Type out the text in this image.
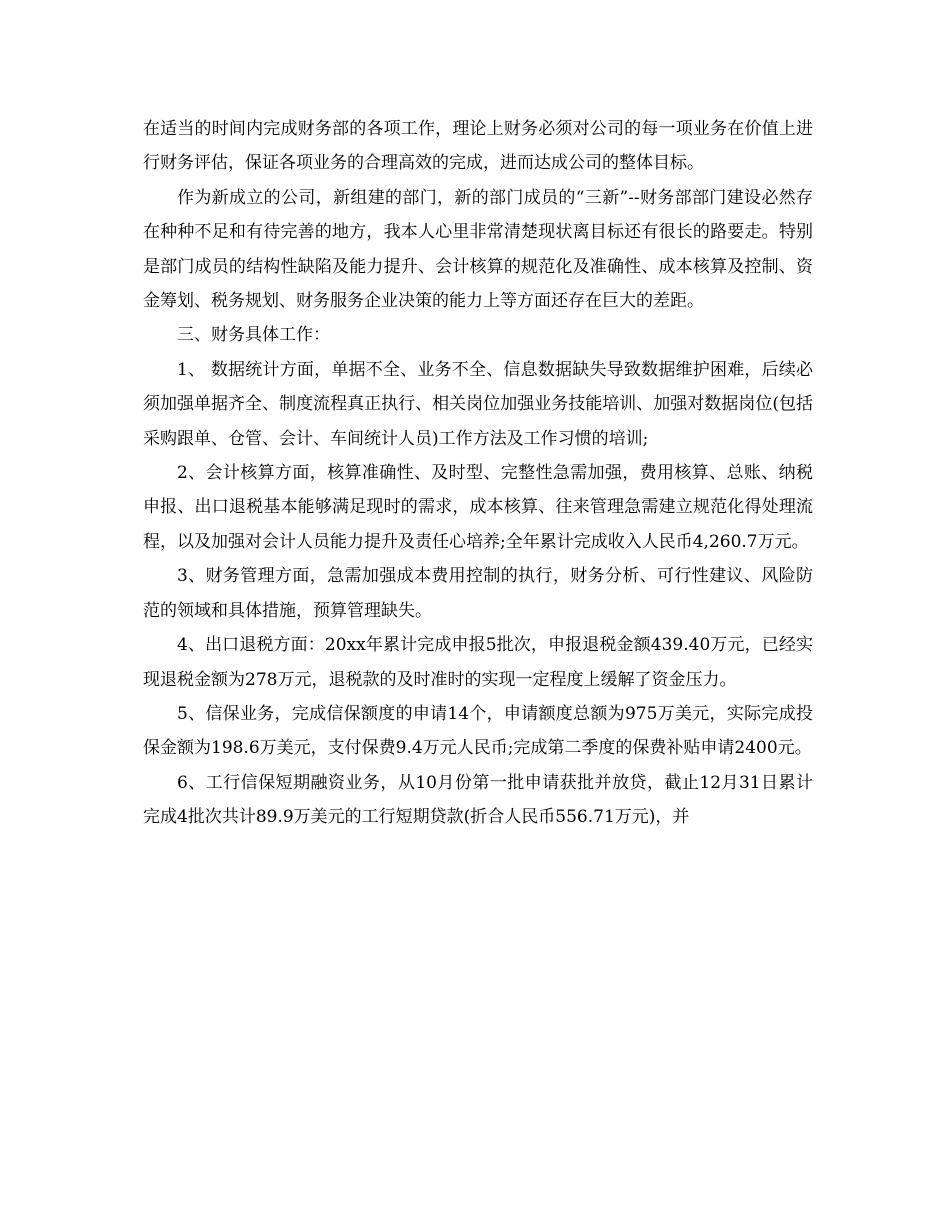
在适当的时间内完成财务部的各项工作，理论上财务必须对公司的每一项业务在价值上进行财务评估，保证各项业务的合理高效的完成，进而达成公司的整体目标。

作为新成立的公司，新组建的部门，新的部门成员的“三新”--财务部部门建设必然存在种种不足和有待完善的地方，我本人心里非常清楚现状离目标还有很长的路要走。特别是部门成员的结构性缺陷及能力提升、会计核算的规范化及准确性、成本核算及控制、资金筹划、税务规划、财务服务企业决策的能力上等方面还存在巨大的差距。

三、财务具体工作：

1、 数据统计方面，单据不全、业务不全、信息数据缺失导致数据维护困难，后续必须加强单据齐全、制度流程真正执行、相关岗位加强业务技能培训、加强对数据岗位(包括采购跟单、仓管、会计、车间统计人员)工作方法及工作习惯的培训;

2、会计核算方面，核算准确性、及时型、完整性急需加强，费用核算、总账、纳税申报、出口退税基本能够满足现时的需求，成本核算、往来管理急需建立规范化得处理流程，以及加强对会计人员能力提升及责任心培养;全年累计完成收入人民币4,260.7万元。

3、财务管理方面，急需加强成本费用控制的执行，财务分析、可行性建议、风险防范的领域和具体措施，预算管理缺失。

4、出口退税方面：20xx年累计完成申报5批次，申报退税金额439.40万元，已经实现退税金额为278万元，退税款的及时准时的实现一定程度上缓解了资金压力。

5、信保业务，完成信保额度的申请14个，申请额度总额为975万美元，实际完成投保金额为198.6万美元，支付保费9.4万元人民币;完成第二季度的保费补贴申请2400元。

6、工行信保短期融资业务，从10月份第一批申请获批并放贷，截止12月31日累计完成4批次共计89.9万美元的工行短期贷款(折合人民币556.71万元)，并
